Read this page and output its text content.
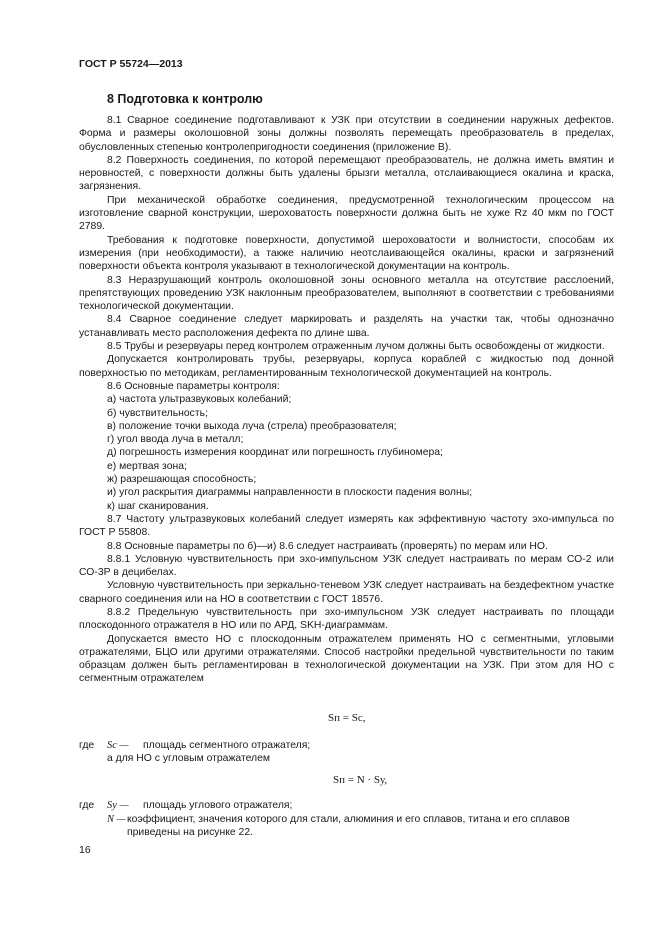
ГОСТ Р 55724—2013
8 Подготовка к контролю

8.1 Сварное соединение подготавливают к УЗК при отсутствии в соединении наружных дефектов. Форма и размеры околошовной зоны должны позволять перемещать преобразователь в пределах, обусловленных степенью контролепригодности соединения (приложение В).

8.2 Поверхность соединения, по которой перемещают преобразователь, не должна иметь вмятин и неровностей, с поверхности должны быть удалены брызги металла, отслаивающиеся окалина и краска, загрязнения.

При механической обработке соединения, предусмотренной технологическим процессом на изготовление сварной конструкции, шероховатость поверхности должна быть не хуже Rz 40 мкм по ГОСТ 2789.

Требования к подготовке поверхности, допустимой шероховатости и волнистости, способам их измерения (при необходимости), а также наличию неотслаивающейся окалины, краски и загрязнений поверхности объекта контроля указывают в технологической документации на контроль.

8.3 Неразрушающий контроль околошовной зоны основного металла на отсутствие расслоений, препятствующих проведению УЗК наклонным преобразователем, выполняют в соответствии с требованиями технологической документации.

8.4 Сварное соединение следует маркировать и разделять на участки так, чтобы однозначно устанавливать место расположения дефекта по длине шва.

8.5 Трубы и резервуары перед контролем отраженным лучом должны быть освобождены от жидкости.

Допускается контролировать трубы, резервуары, корпуса кораблей с жидкостью под донной поверхностью по методикам, регламентированным технологической документацией на контроль.

8.6 Основные параметры контроля:

а) частота ультразвуковых колебаний;

б) чувствительность;

в) положение точки выхода луча (стрела) преобразователя;

г) угол ввода луча в металл;

д) погрешность измерения координат или погрешность глубиномера;

е) мертвая зона;

ж) разрешающая способность;

и) угол раскрытия диаграммы направленности в плоскости падения волны;

к) шаг сканирования.

8.7 Частоту ультразвуковых колебаний следует измерять как эффективную частоту эхо-импульса по ГОСТ Р 55808.

8.8 Основные параметры по б)—и) 8.6 следует настраивать (проверять) по мерам или НО.

8.8.1 Условную чувствительность при эхо-импульсном УЗК следует настраивать по мерам СО-2 или СО-3Р в децибелах.

Условную чувствительность при зеркально-теневом УЗК следует настраивать на бездефектном участке сварного соединения или на НО в соответствии с ГОСТ 18576.

8.8.2 Предельную чувствительность при эхо-импульсном УЗК следует настраивать по площади плоскодонного отражателя в НО или по АРД, SKH-диаграммам.

Допускается вместо НО с плоскодонным отражателем применять НО с сегментными, угловыми отражателями, БЦО или другими отражателями. Способ настройки предельной чувствительности по таким образцам должен быть регламентирован в технологической документации на УЗК. При этом для НО с сегментным отражателем

Sп = Sс,
где Sс — площадь сегментного отражателя;
а для НО с угловым отражателем
Sп = N · Sу,
где Sу — площадь углового отражателя;
N —коэффициент, значения которого для стали, алюминия и его сплавов, титана и его сплавов
приведены на рисунке 22.
16
